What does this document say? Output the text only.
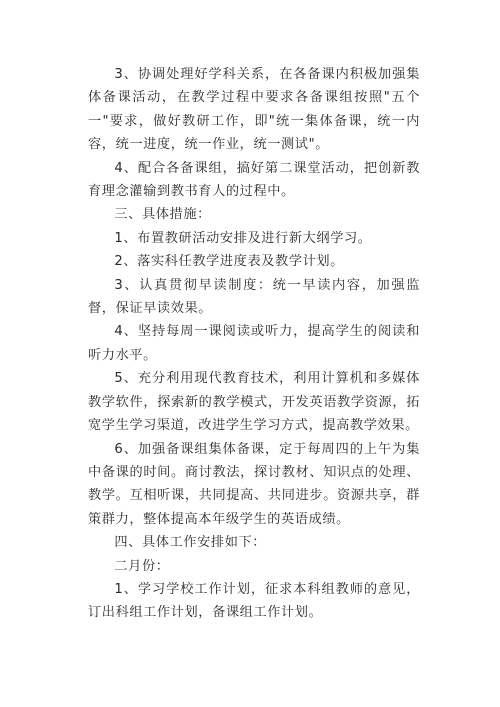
3、协调处理好学科关系，在各备课内积极加强集体备课活动，在教学过程中要求各备课组按照"五个一"要求，做好教研工作，即"统一集体备课，统一内容，统一进度，统一作业，统一测试"。

4、配合各备课组，搞好第二课堂活动，把创新教育理念灌输到教书育人的过程中。

三、具体措施：

1、布置教研活动安排及进行新大纲学习。

2、落实科任教学进度表及教学计划。

3、认真贯彻早读制度：统一早读内容，加强监督，保证早读效果。

4、坚持每周一课阅读或听力，提高学生的阅读和听力水平。

5、充分利用现代教育技术，利用计算机和多媒体教学软件，探索新的教学模式，开发英语教学资源，拓宽学生学习渠道，改进学生学习方式，提高教学效果。

6、加强备课组集体备课，定于每周四的上午为集中备课的时间。商讨教法，探讨教材、知识点的处理、教学。互相听课，共同提高、共同进步。资源共享，群策群力，整体提高本年级学生的英语成绩。

四、具体工作安排如下：

二月份：

1、学习学校工作计划，征求本科组教师的意见，订出科组工作计划，备课组工作计划。
